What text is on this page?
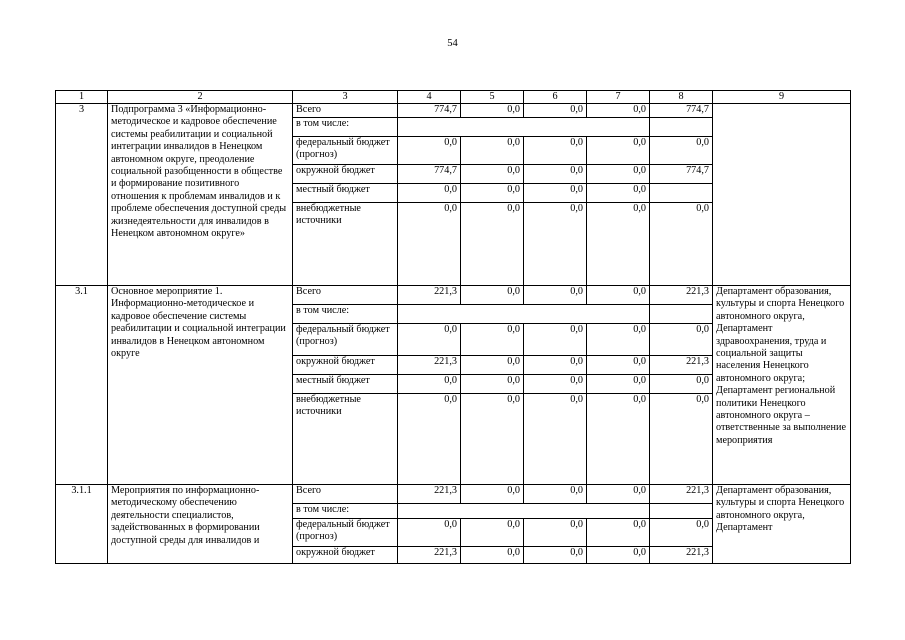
54
1	2	3	4	5	6	7	8	9
3	Подпрограмма 3 «Информационно-методическое и кадровое обеспечение системы реабилитации и социальной интеграции инвалидов в Ненецком автономном округе, преодоление социальной разобщенности в обществе и формирование позитивного отношения к проблемам инвалидов и к проблеме обеспечения доступной среды жизнедеятельности для инвалидов в Ненецком автономном округе»	Всего	774,7	0,0	0,0	0,0	774,7	
		в том числе:						
		федеральный бюджет (прогноз)	0,0	0,0	0,0	0,0	0,0	
		окружной бюджет	774,7	0,0	0,0	0,0	774,7	
		местный бюджет	0,0	0,0	0,0	0,0		
		внебюджетные источники	0,0	0,0	0,0	0,0	0,0	
3.1	Основное мероприятие 1. Информационно-методическое и кадровое обеспечение системы реабилитации и социальной интеграции инвалидов в Ненецком автономном округе	Всего	221,3	0,0	0,0	0,0	221,3	Департамент образования, культуры и спорта Ненецкого автономного округа, Департамент здравоохранения, труда и социальной защиты населения Ненецкого автономного округа; Департамент региональной политики Ненецкого автономного округа – ответственные за выполнение мероприятия
		в том числе:						
		федеральный бюджет (прогноз)	0,0	0,0	0,0	0,0	0,0	
		окружной бюджет	221,3	0,0	0,0	0,0	221,3	
		местный бюджет	0,0	0,0	0,0	0,0	0,0	
		внебюджетные источники	0,0	0,0	0,0	0,0	0,0	
3.1.1	Мероприятия по информационно-методическому обеспечению деятельности специалистов, задействованных в формировании доступной среды для инвалидов и	Всего	221,3	0,0	0,0	0,0	221,3	Департамент образования, культуры и спорта Ненецкого автономного округа, Департамент
		в том числе:						
		федеральный бюджет (прогноз)	0,0	0,0	0,0	0,0	0,0	
		окружной бюджет	221,3	0,0	0,0	0,0	221,3	
